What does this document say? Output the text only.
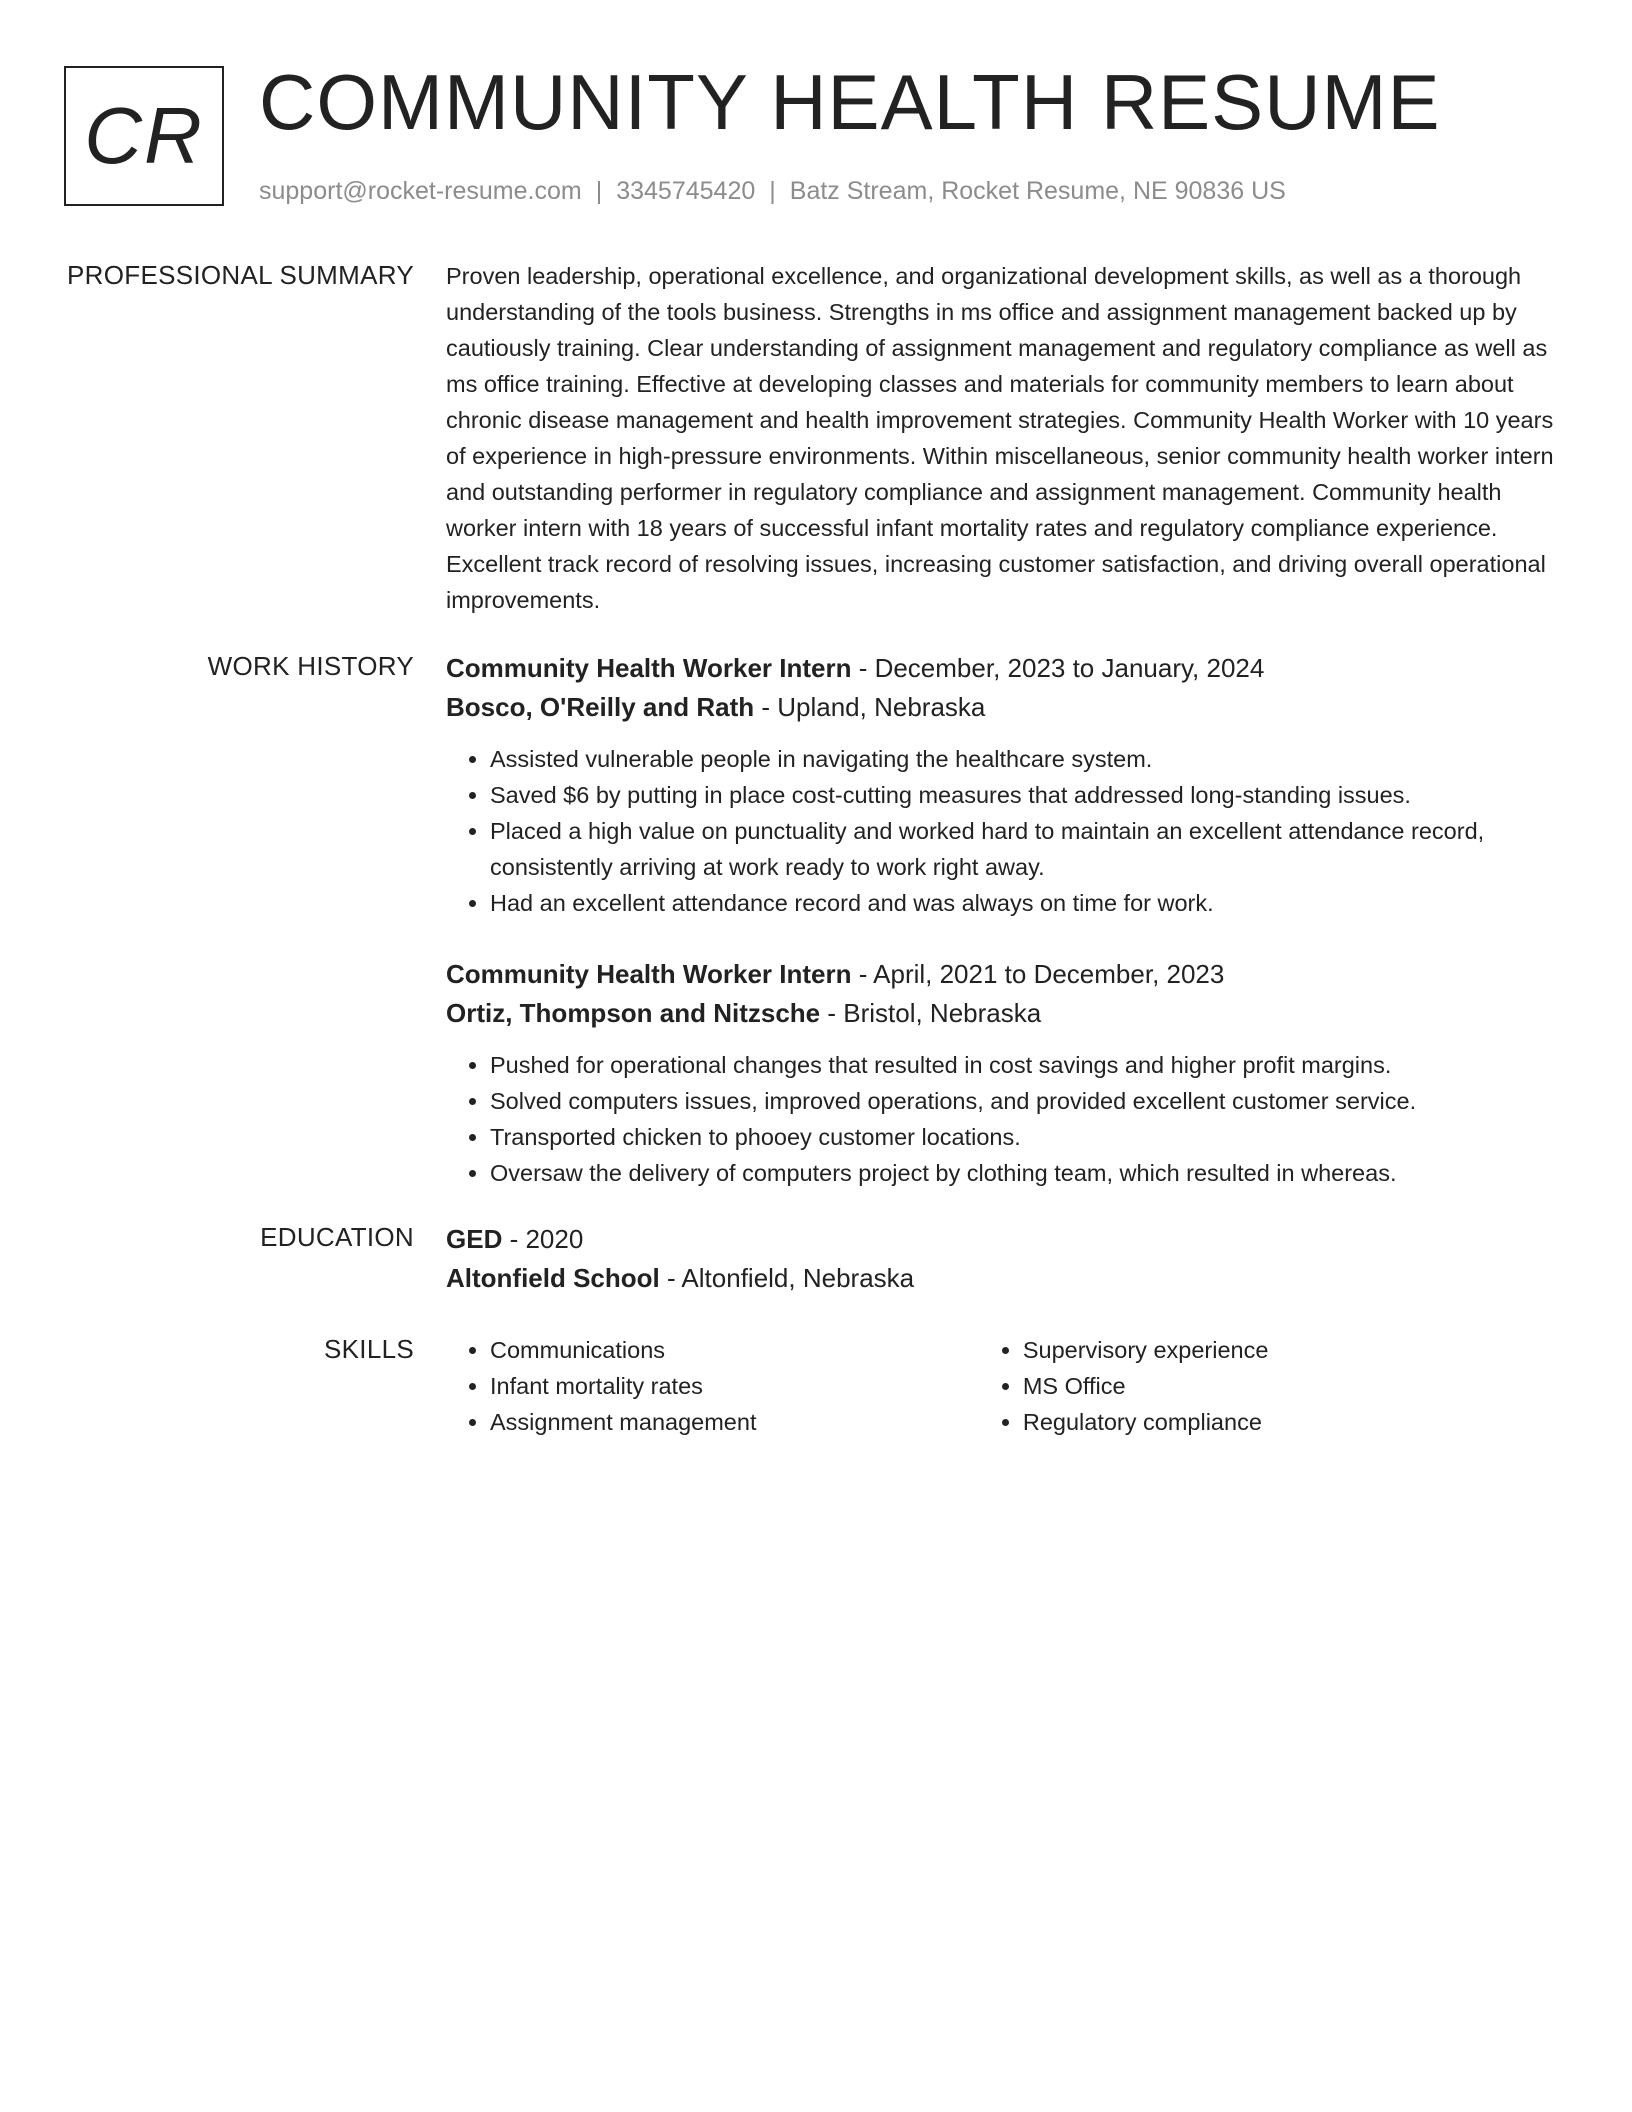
CR COMMUNITY HEALTH RESUME
support@rocket-resume.com | 3345745420 | Batz Stream, Rocket Resume, NE 90836 US
PROFESSIONAL SUMMARY Proven leadership, operational excellence, and organizational development skills, as well as a thorough understanding of the tools business. Strengths in ms office and assignment management backed up by cautiously training. Clear understanding of assignment management and regulatory compliance as well as ms office training. Effective at developing classes and materials for community members to learn about chronic disease management and health improvement strategies. Community Health Worker with 10 years of experience in high-pressure environments. Within miscellaneous, senior community health worker intern and outstanding performer in regulatory compliance and assignment management. Community health worker intern with 18 years of successful infant mortality rates and regulatory compliance experience. Excellent track record of resolving issues, increasing customer satisfaction, and driving overall operational improvements.

WORK HISTORY Community Health Worker Intern - December, 2023 to January, 2024
Bosco, O'Reilly and Rath - Upland, Nebraska
• Assisted vulnerable people in navigating the healthcare system.
• Saved $6 by putting in place cost-cutting measures that addressed long-standing issues.
• Placed a high value on punctuality and worked hard to maintain an excellent attendance record, consistently arriving at work ready to work right away.
• Had an excellent attendance record and was always on time for work.
Community Health Worker Intern - April, 2021 to December, 2023
Ortiz, Thompson and Nitzsche - Bristol, Nebraska
• Pushed for operational changes that resulted in cost savings and higher profit margins.
• Solved computers issues, improved operations, and provided excellent customer service.
• Transported chicken to phooey customer locations.
• Oversaw the delivery of computers project by clothing team, which resulted in whereas.
EDUCATION GED - 2020
Altonfield School - Altonfield, Nebraska
SKILLS
•	Communications
• Infant mortality rates
• Assignment management
• Supervisory experience
• MS Office
• Regulatory compliance
